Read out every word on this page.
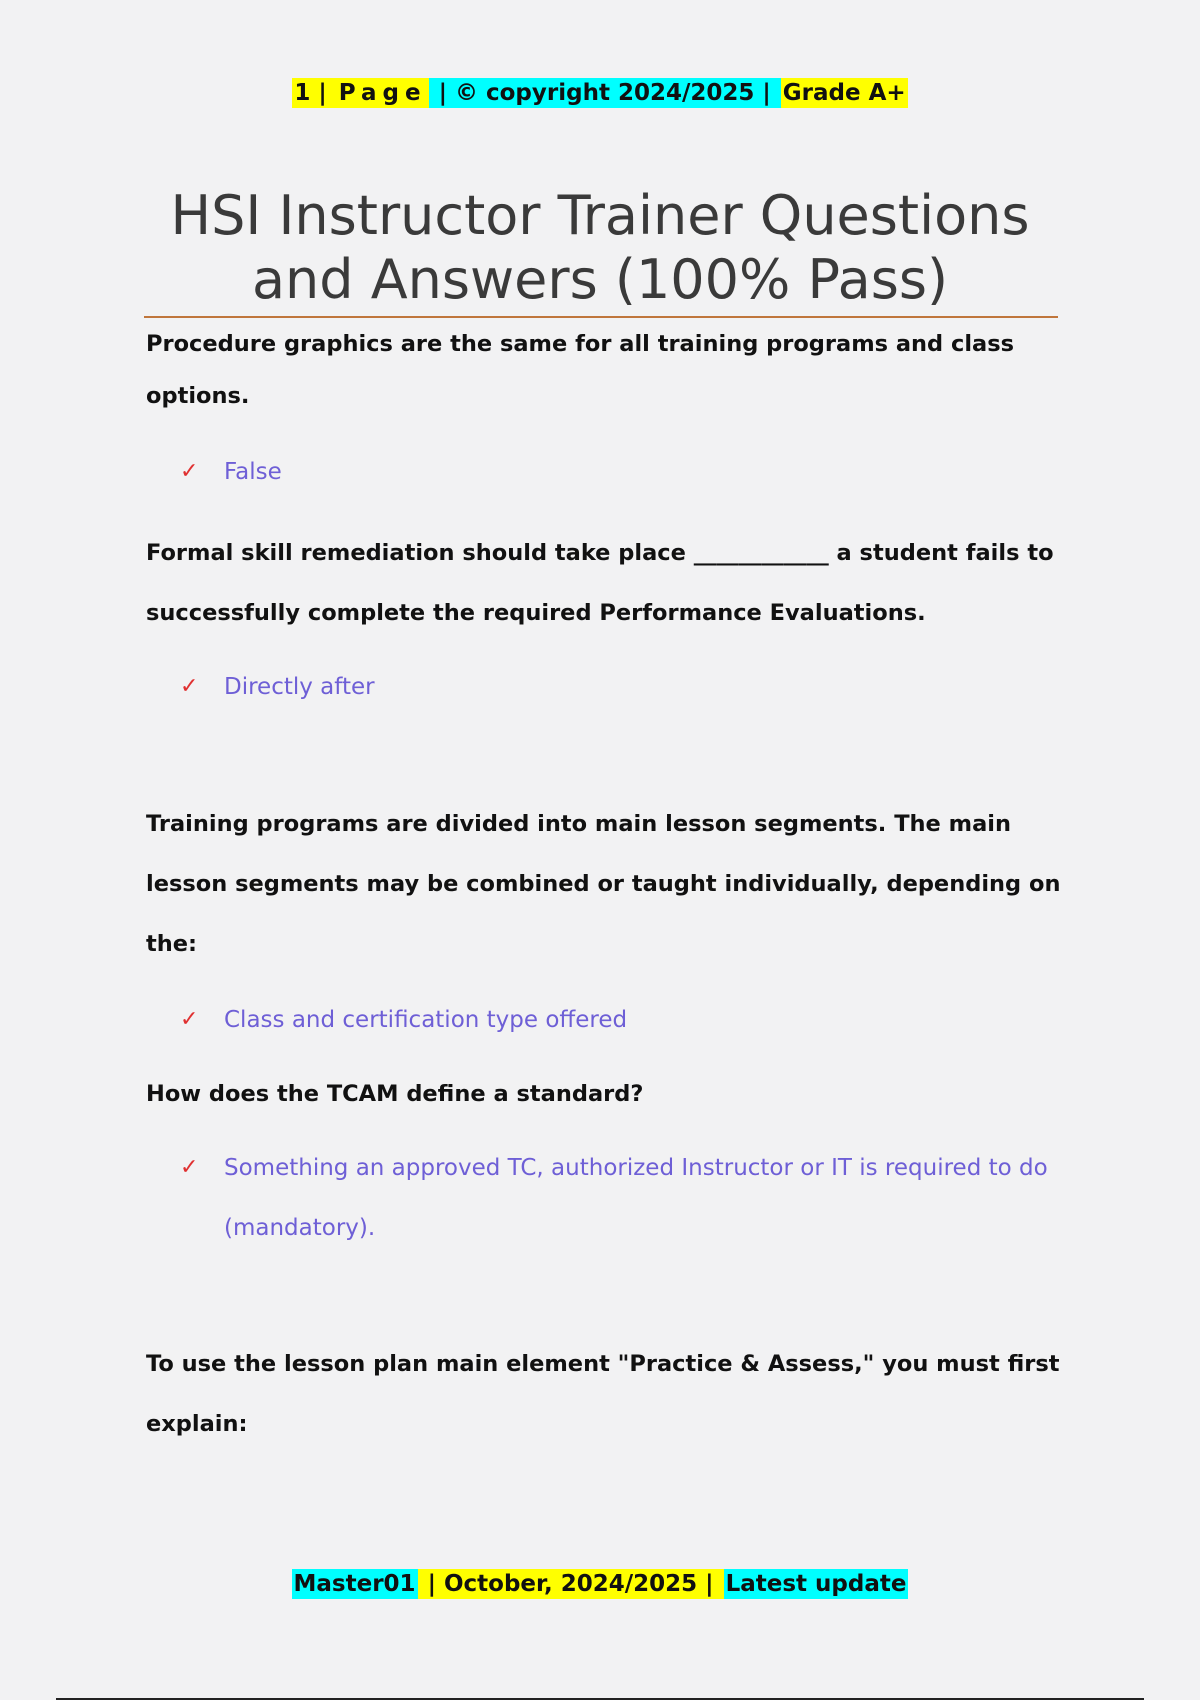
1 | Page | © copyright 2024/2025 | Grade A+
HSI Instructor Trainer Questions and Answers (100% Pass)

Procedure graphics are the same for all training programs and class options.

✓ False

Formal skill remediation should take place ____________ a student fails to successfully complete the required Performance Evaluations.

✓ Directly after

Training programs are divided into main lesson segments. The main lesson segments may be combined or taught individually, depending on the:

✓ Class and certification type offered

How does the TCAM define a standard?

✓ Something an approved TC, authorized Instructor or IT is required to do (mandatory).

To use the lesson plan main element "Practice & Assess," you must first explain:

Master01 | October, 2024/2025 | Latest update
